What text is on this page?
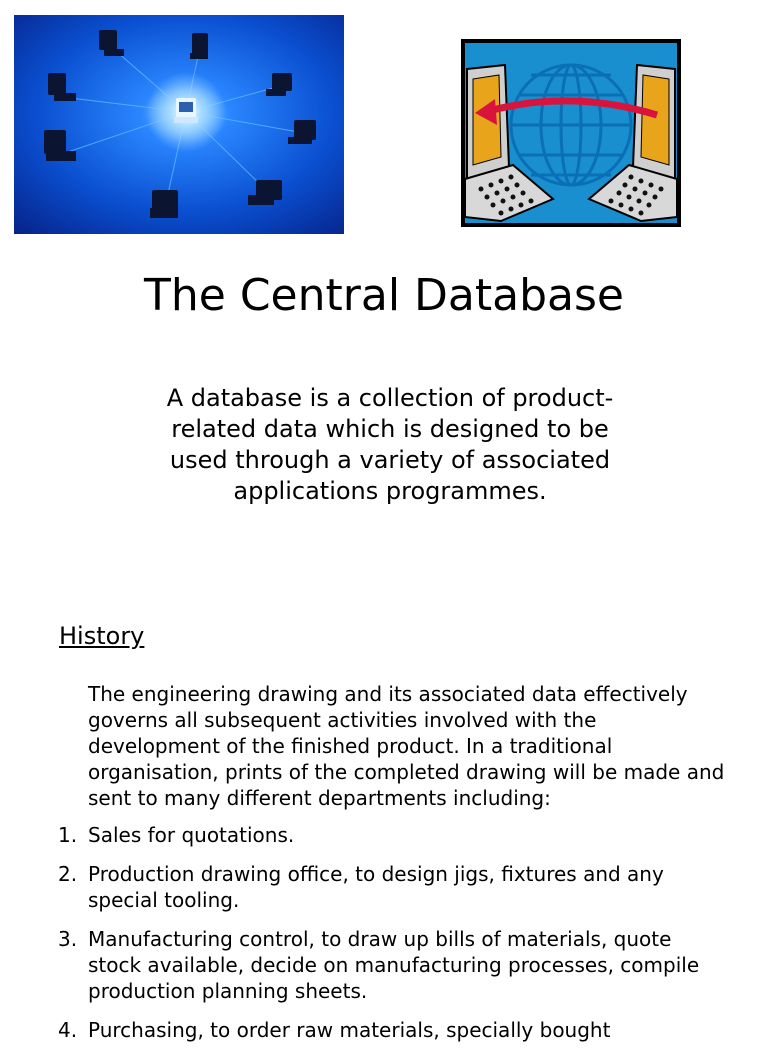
The Central Database
A database is a collection of product-related data which is designed to be used through a variety of associated applications programmes.
History
The engineering drawing and its associated data effectively governs all subsequent activities involved with the development of the finished product. In a traditional organisation, prints of the completed drawing will be made and sent to many different departments including:
1. Sales for quotations.
2. Production drawing office, to design jigs, fixtures and any special tooling.
3. Manufacturing control, to draw up bills of materials, quote stock available, decide on manufacturing processes, compile production planning sheets.
4. Purchasing, to order raw materials, specially bought
